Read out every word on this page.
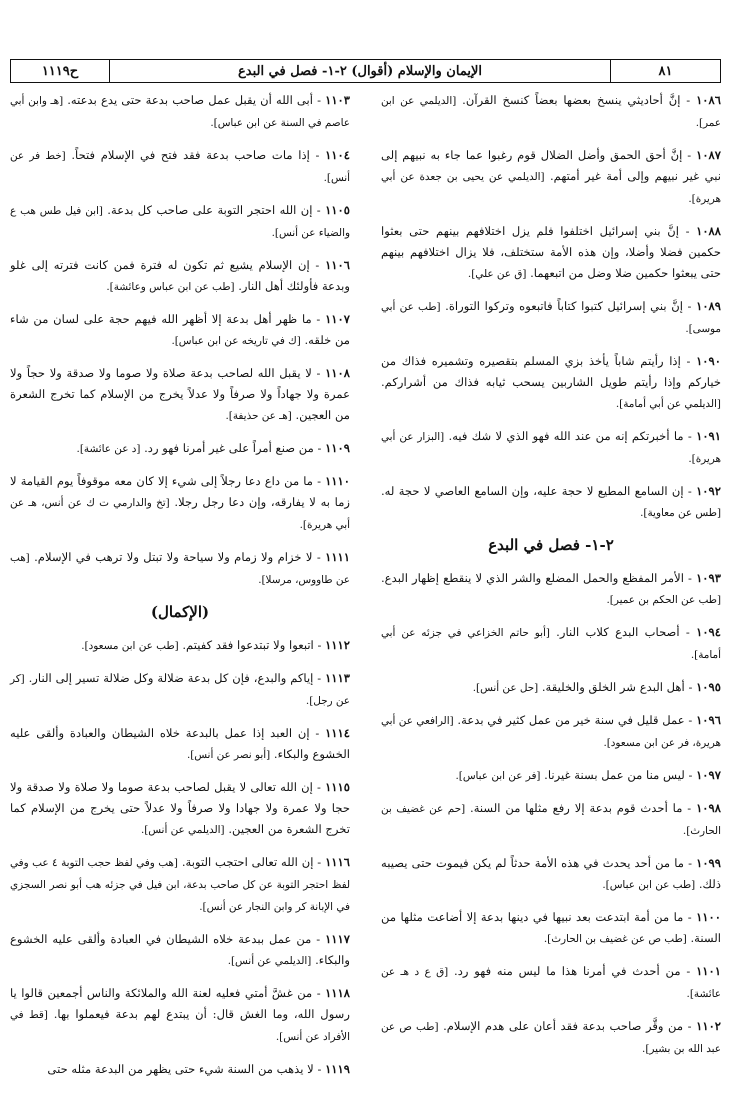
٨١
الإيمان والإسلام (أقوال) ٢-١- فصل في البدع
ح١١١٩
١٠٨٦ - إنَّ أحاديثي ينسخ بعضها بعضاً كنسخ القرآن. [الديلمي عن ابن عمر].
١٠٨٧ - إنَّ أحق الحمق وأضل الضلال قوم رغبوا عما جاء به نبيهم إلى نبي غير نبيهم وإلى أمة غير أمتهم. [الديلمي عن يحيى بن جعدة عن أبي هريرة].
١٠٨٨ - إنَّ بني إسرائيل اختلفوا فلم يزل اختلافهم بينهم حتى بعثوا حكمين فضلا وأضلا، وإن هذه الأمة ستختلف، فلا يزال اختلافهم بينهم حتى يبعثوا حكمين ضلا وضل من اتبعهما. [ق عن علي].
١٠٨٩ - إنَّ بني إسرائيل كتبوا كتاباً فاتبعوه وتركوا التوراة. [طب عن أبي موسى].
١٠٩٠ - إذا رأيتم شاباً يأخذ بزي المسلم بتقصيره وتشميره فذاك من خياركم وإذا رأيتم طويل الشاربين يسحب ثيابه فذاك من أشراركم. [الديلمي عن أبي أمامة].
١٠٩١ - ما أخبرتكم إنه من عند الله فهو الذي لا شك فيه. [البزار عن أبي هريرة].
١٠٩٢ - إن السامع المطيع لا حجة عليه، وإن السامع العاصي لا حجة له. [طس عن معاوية].
٢-١- فصل في البدع
١٠٩٣ - الأمر المفظع والحمل المضلع والشر الذي لا ينقطع إظهار البدع. [طب عن الحكم بن عمير].
١٠٩٤ - أصحاب البدع كلاب النار. [أبو حاتم الخزاعي في جزئه عن أبي أمامة].
١٠٩٥ - أهل البدع شر الخلق والخليقة. [حل عن أنس].
١٠٩٦ - عمل قليل في سنة خير من عمل كثير في بدعة. [الرافعي عن أبي هريرة، فر عن ابن مسعود].
١٠٩٧ - ليس منا من عمل بسنة غيرنا. [فر عن ابن عباس].
١٠٩٨ - ما أحدث قوم بدعة إلا رفع مثلها من السنة. [حم عن غضيف بن الحارث].
١٠٩٩ - ما من أحد يحدث في هذه الأمة حدثاً لم يكن فيموت حتى يصيبه ذلك. [طب عن ابن عباس].
١١٠٠ - ما من أمة ابتدعت بعد نبيها في دينها بدعة إلا أضاعت مثلها من السنة. [طب ص عن غضيف بن الحارث].
١١٠١ - من أحدث في أمرنا هذا ما ليس منه فهو رد. [ق ع د هـ عن عائشة].
١١٠٢ - من وقَّر صاحب بدعة فقد أعان على هدم الإسلام. [طب ص عن عبد الله بن بشير].
١١٠٣ - أبى الله أن يقبل عمل صاحب بدعة حتى يدع بدعته. [هـ وابن أبي عاصم في السنة عن ابن عباس].
١١٠٤ - إذا مات صاحب بدعة فقد فتح في الإسلام فتحاً. [خط فر عن أنس].
١١٠٥ - إن الله احتجر التوبة على صاحب كل بدعة. [ابن فيل طس هب ع والضياء عن أنس].
١١٠٦ - إن الإسلام يشيع ثم تكون له فترة فمن كانت فترته إلى غلو وبدعة فأولئك أهل النار. [طب عن ابن عباس وعائشة].
١١٠٧ - ما ظهر أهل بدعة إلا أظهر الله فيهم حجة على لسان من شاء من خلقه. [ك في تاريخه عن ابن عباس].
١١٠٨ - لا يقبل الله لصاحب بدعة صلاة ولا صوما ولا صدقة ولا حجاً ولا عمرة ولا جهاداً ولا صرفاً ولا عدلاً يخرج من الإسلام كما تخرج الشعرة من العجين. [هـ عن حذيفة].
١١٠٩ - من صنع أمراً على غير أمرنا فهو رد. [د عن عائشة].
١١١٠ - ما من داع دعا رجلاً إلى شيء إلا كان معه موقوفاً يوم القيامة لا زما به لا يفارقه، وإن دعا رجل رجلا. [تخ والدارمي ت ك عن أنس، هـ عن أبي هريرة].
١١١١ - لا خزام ولا زمام ولا سياحة ولا تبتل ولا ترهب في الإسلام. [هب عن طاووس، مرسلا].
(الإكمال)
١١١٢ - اتبعوا ولا تبتدعوا فقد كفيتم. [طب عن ابن مسعود].
١١١٣ - إياكم والبدع، فإن كل بدعة ضلالة وكل ضلالة تسير إلى النار. [كر عن رجل].
١١١٤ - إن العبد إذا عمل بالبدعة خلاه الشيطان والعبادة وألقى عليه الخشوع والبكاء. [أبو نصر عن أنس].
١١١٥ - إن الله تعالى لا يقبل لصاحب بدعة صوما ولا صلاة ولا صدقة ولا حجا ولا عمرة ولا جهادا ولا صرفاً ولا عدلاً حتى يخرج من الإسلام كما تخرج الشعرة من العجين. [الديلمي عن أنس].
١١١٦ - إن الله تعالى احتجب التوبة. [هب وفي لفظ حجب التوبة ٤ عب وفي لفظ احتجر التوبة عن كل صاحب بدعة، ابن فيل في جزئه هب أبو نصر السجزي في الإبانة كر وابن النجار عن أنس].
١١١٧ - من عمل ببدعة خلاه الشيطان في العبادة وألقى عليه الخشوع والبكاء. [الديلمي عن أنس].
١١١٨ - من غشَّ أمتي فعليه لعنة الله والملائكة والناس أجمعين قالوا يا رسول الله، وما الغش قال: أن يبتدع لهم بدعة فيعملوا بها. [قط في الأفراد عن أنس].
١١١٩ - لا يذهب من السنة شيء حتى يظهر من البدعة مثله حتى
